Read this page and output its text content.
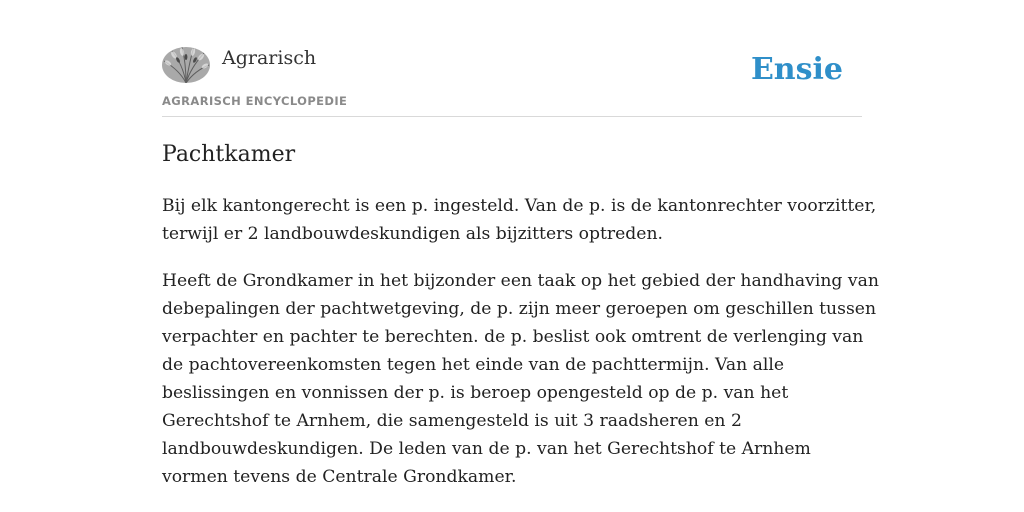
Agrarisch
AGRARISCH ENCYCLOPEDIE
Ensie
Pachtkamer

Bij elk kantongerecht is een p. ingesteld. Van de p. is de kantonrechter voorzitter, terwijl er 2 landbouwdeskundigen als bijzitters optreden.

Heeft de Grondkamer in het bijzonder een taak op het gebied der handhaving van debepalingen der pachtwetgeving, de p. zijn meer geroepen om geschillen tussen verpachter en pachter te berechten. de p. beslist ook omtrent de verlenging van de pachtovereenkomsten tegen het einde van de pachttermijn. Van alle beslissingen en vonnissen der p. is beroep opengesteld op de p. van het Gerechtshof te Arnhem, die samengesteld is uit 3 raadsheren en 2 landbouwdeskundigen. De leden van de p. van het Gerechtshof te Arnhem vormen tevens de Centrale Grondkamer.
